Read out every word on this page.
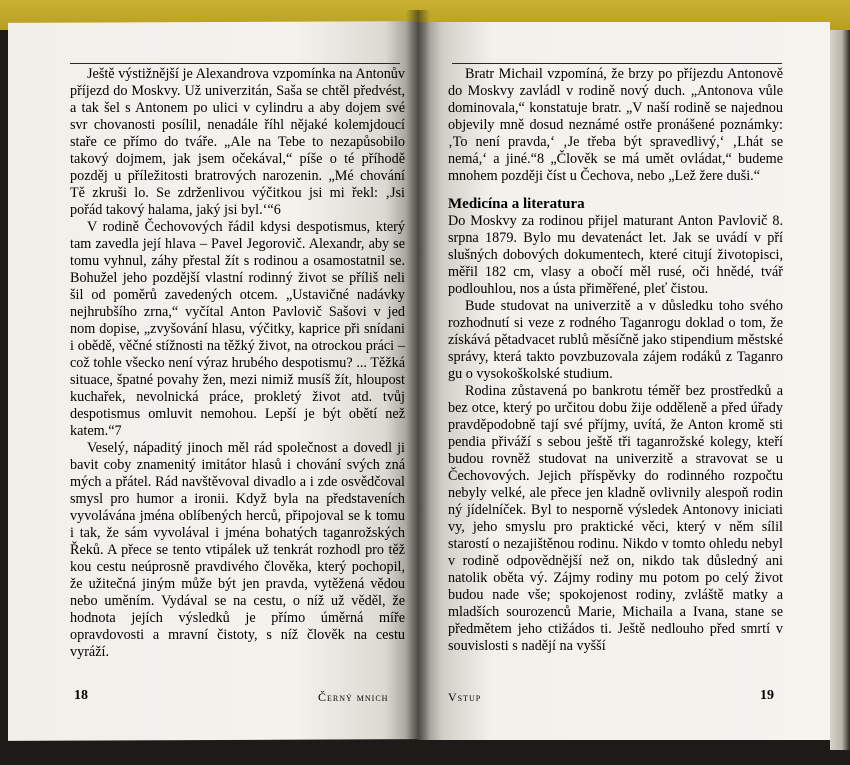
Ještě výstižnější je Alexandrova vzpomínka na Antonův příjezd do Moskvy. Už univerzitán, Saša se chtěl předvést, a tak šel s Antonem po ulici v cylindru a aby dojem své svr chovanosti posílil, nenadále říhl nějaké kolemjdoucí staře ce přímo do tváře. „Ale na Tebe to nezapůsobilo takový dojmem, jak jsem očekával,“ píše o té příhodě pozděj u příležitosti bratrových narozenin. „Mé chování Tě zkruši lo. Se zdrženlivou výčitkou jsi mi řekl: ‚Jsi pořád takový halama, jaký jsi byl.‘“6

V rodině Čechovových řádil kdysi despotismus, který tam zavedla její hlava – Pavel Jegorovič. Alexandr, aby se tomu vyhnul, záhy přestal žít s rodinou a osamostatnil se. Bohužel jeho pozdější vlastní rodinný život se příliš neli šil od poměrů zavedených otcem. „Ustavičné nadávky nejhrubšího zrna,“ vyčítal Anton Pavlovič Sašovi v jed nom dopise, „zvyšování hlasu, výčitky, kaprice při snídani i obědě, věčné stížnosti na těžký život, na otrockou práci – což tohle všecko není výraz hrubého despotismu? ... Těžká situace, špatné povahy žen, mezi nimiž musíš žít, hloupost kuchařek, nevolnická práce, prokletý život atd. tvůj despotismus omluvit nemohou. Lepší je být obětí než katem.“7

Veselý, nápaditý jinoch měl rád společnost a dovedl ji bavit coby znamenitý imitátor hlasů i chování svých zná mých a přátel. Rád navštěvoval divadlo a i zde osvědčoval smysl pro humor a ironii. Když byla na představeních vyvolávána jména oblíbených herců, připojoval se k tomu i tak, že sám vyvolával i jména bohatých taganrožských Řeků. A přece se tento vtipálek už tenkrát rozhodl pro těž kou cestu neúprosně pravdivého člověka, který pochopil, že užitečná jiným může být jen pravda, vytěžená vědou nebo uměním. Vydával se na cestu, o níž už věděl, že hodnota jejích výsledků je přímo úměrná míře opravdovosti a mravní čistoty, s níž člověk na cestu vyráží.

Bratr Michail vzpomíná, že brzy po příjezdu Antonově do Moskvy zavládl v rodině nový duch. „Antonova vůle dominovala,“ konstatuje bratr. „V naší rodině se najednou objevily mně dosud neznámé ostře pronášené poznámky: ‚To není pravda,‘ ‚Je třeba být spravedlivý,‘ ‚Lhát se nemá,‘ a jiné.“8 „Člověk se má umět ovládat,“ budeme mnohem později číst u Čechova, nebo „Lež žere duši.“

Medicína a literatura

Do Moskvy za rodinou přijel maturant Anton Pavlovič 8. srpna 1879. Bylo mu devatenáct let. Jak se uvádí v pří slušných dobových dokumentech, které citují životopisci, měřil 182 cm, vlasy a obočí měl rusé, oči hnědé, tvář podlouhlou, nos a ústa přiměřené, pleť čistou.

Bude studovat na univerzitě a v důsledku toho svého rozhodnutí si veze z rodného Taganrogu doklad o tom, že získává pětadvacet rublů měsíčně jako stipendium městské správy, která takto povzbuzovala zájem rodáků z Taganro gu o vysokoškolské studium.

Rodina zůstavená po bankrotu téměř bez prostředků a bez otce, který po určitou dobu žije odděleně a před úřady pravděpodobně tají své příjmy, uvítá, že Anton kromě sti pendia přiváží s sebou ještě tři taganrožské kolegy, kteří budou rovněž studovat na univerzitě a stravovat se u Čechovových. Jejich příspěvky do rodinného rozpočtu nebyly velké, ale přece jen kladně ovlivnily alespoň rodin ný jídelníček. Byl to nesporně výsledek Antonovy iniciati vy, jeho smyslu pro praktické věci, který v něm sílil starostí o nezajištěnou rodinu. Nikdo v tomto ohledu nebyl v rodině odpovědnější než on, nikdo tak důsledný ani natolik oběta vý. Zájmy rodiny mu potom po celý život budou nade vše; spokojenost rodiny, zvláště matky a mladších sourozenců Marie, Michaila a Ivana, stane se předmětem jeho ctižádos ti. Ještě nedlouho před smrtí v souvislosti s nadějí na vyšší

18	Černý mnich	Vstup	19
